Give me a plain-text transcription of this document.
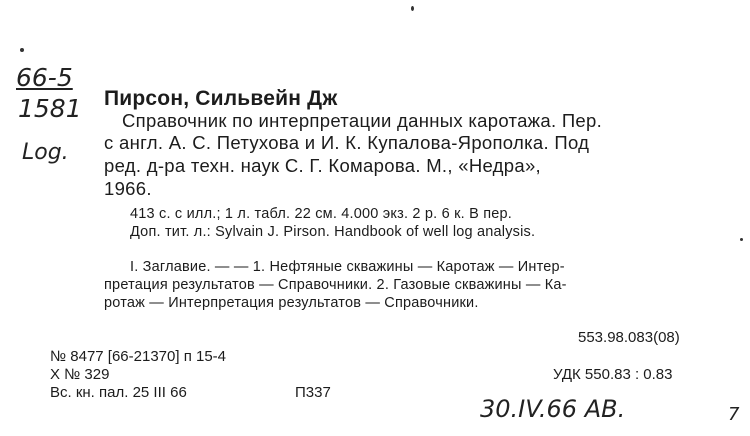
66-5
1581
Log.
Пирсон, Сильвейн Дж
Справочник по интерпретации данных каротажа. Пер.
с англ. А. С. Петухова и И. К. Купалова-Ярополка. Под
ред. д-ра техн. наук С. Г. Комарова. М., «Недра»,
1966.
413 с. с илл.; 1 л. табл. 22 см. 4.000 экз. 2 р. 6 к. В пер.
Доп. тит. л.: Sylvain J. Pirson. Handbook of well log analysis.
I. Заглавие. — — 1. Нефтяные скважины — Каротаж — Интер-
претация результатов — Справочники. 2. Газовые скважины — Ка-
ротаж — Интерпретация результатов — Справочники.
553.98.083(08)
№ 8477 [66-21370] п 15-4
X № 329	УДК 550.83 : 0.83
Вс. кн. пал. 25 III 66	П337
30.IV.66 AB.	7
